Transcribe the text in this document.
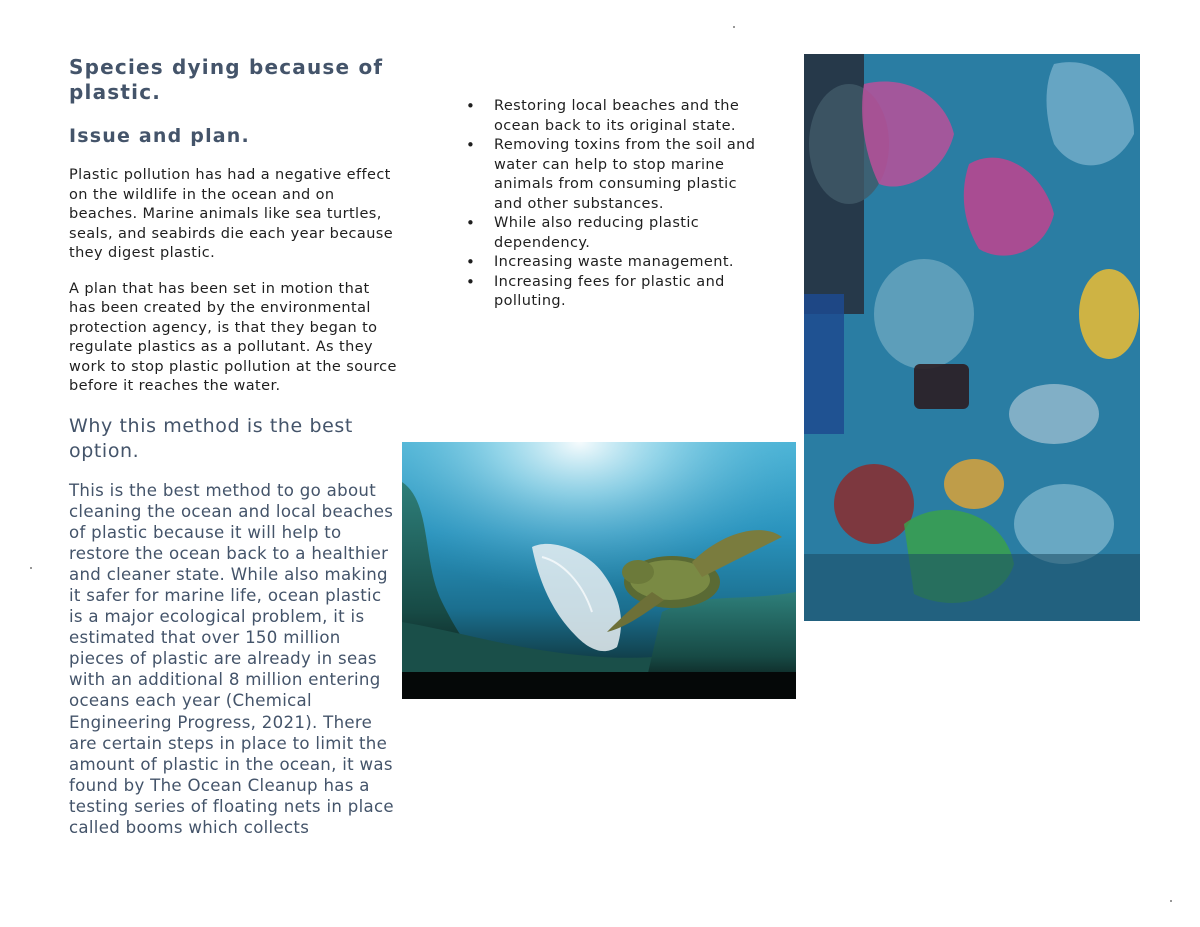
Species dying because of plastic.
Issue and plan.

Plastic pollution has had a negative effect on the wildlife in the ocean and on beaches. Marine animals like sea turtles, seals, and seabirds die each year because they digest plastic.

A plan that has been set in motion that has been created by the environmental protection agency, is that they began to regulate plastics as a pollutant. As they work to stop plastic pollution at the source before it reaches the water.

Why this method is the best option.

This is the best method to go about cleaning the ocean and local beaches of plastic because it will help to restore the ocean back to a healthier and cleaner state. While also making it safer for marine life, ocean plastic is a major ecological problem, it is estimated that over 150 million pieces of plastic are already in seas with an additional 8 million entering oceans each year (Chemical Engineering Progress, 2021). There are certain steps in place to limit the amount of plastic in the ocean, it was found by The Ocean Cleanup has a testing series of floating nets in place called booms which collects

• Restoring local beaches and the ocean back to its original state.
• Removing toxins from the soil and water can help to stop marine animals from consuming plastic and other substances.
• While also reducing plastic dependency.
• Increasing waste management.
• Increasing fees for plastic and polluting.
